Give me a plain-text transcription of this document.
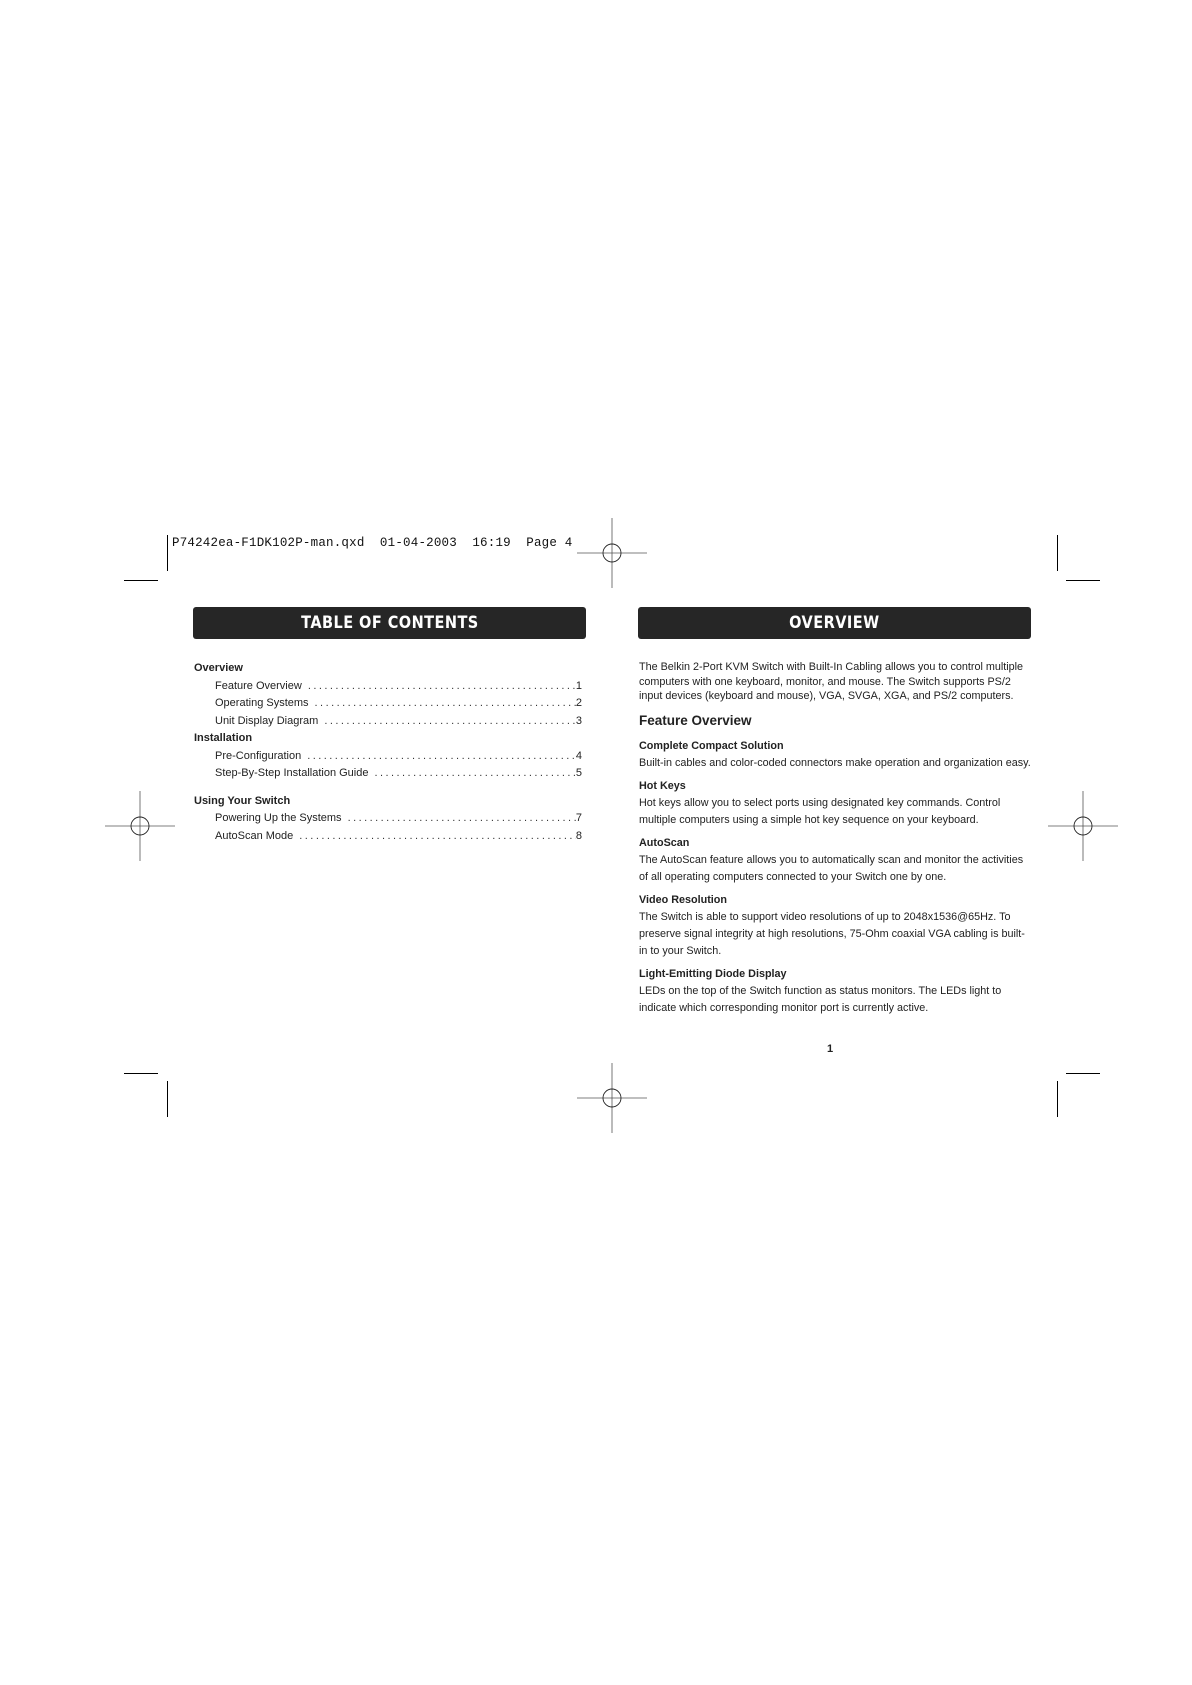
P74242ea-F1DK102P-man.qxd  01-04-2003  16:19  Page 4
TABLE OF CONTENTS	OVERVIEW
Overview
Feature Overview . . .	1
Operating Systems . . .	2
Unit Display Diagram . . .	3
Installation
Pre-Configuration . . .	4
Step-By-Step Installation Guide . . .	5
Using Your Switch
Powering Up the Systems . . .	7
AutoScan Mode . . .	8

The Belkin 2-Port KVM Switch with Built-In Cabling allows you to control multiple computers with one keyboard, monitor, and mouse. The Switch supports PS/2 input devices (keyboard and mouse), VGA, SVGA, XGA, and PS/2 computers.

Feature Overview
Complete Compact Solution

Built-in cables and color-coded connectors make operation and organization easy.

Hot Keys

Hot keys allow you to select ports using designated key commands. Control multiple computers using a simple hot key sequence on your keyboard.

AutoScan

The AutoScan feature allows you to automatically scan and monitor the activities of all operating computers connected to your Switch one by one.

Video Resolution

The Switch is able to support video resolutions of up to 2048x1536@65Hz. To preserve signal integrity at high resolutions, 75-Ohm coaxial VGA cabling is built-in to your Switch.

Light-Emitting Diode Display

LEDs on the top of the Switch function as status monitors. The LEDs light to indicate which corresponding monitor port is currently active.

1
